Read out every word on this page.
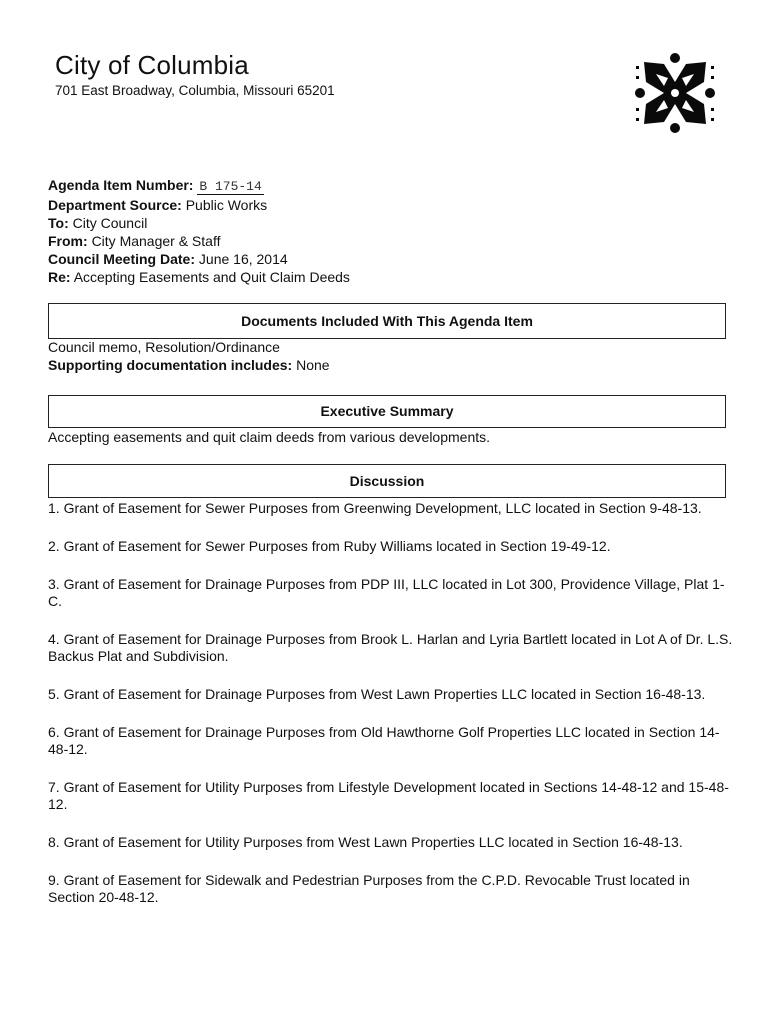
City of Columbia
701 East Broadway, Columbia, Missouri 65201
Agenda Item Number: B 175-14
Department Source: Public Works
To: City Council
From: City Manager & Staff
Council Meeting Date: June 16, 2014
Re: Accepting Easements and Quit Claim Deeds
Documents Included With This Agenda Item
Council memo, Resolution/Ordinance
Supporting documentation includes: None
Executive Summary
Accepting easements and quit claim deeds from various developments.
Discussion
1. Grant of Easement for Sewer Purposes from Greenwing Development, LLC located in Section 9-48-13.
2. Grant of Easement for Sewer Purposes from Ruby Williams located in Section 19-49-12.
3. Grant of Easement for Drainage Purposes from PDP III, LLC located in Lot 300, Providence Village, Plat 1-C.
4. Grant of Easement for Drainage Purposes from Brook L. Harlan and Lyria Bartlett located in Lot A of Dr. L.S. Backus Plat and Subdivision.
5. Grant of Easement for Drainage Purposes from West Lawn Properties LLC located in Section 16-48-13.
6. Grant of Easement for Drainage Purposes from Old Hawthorne Golf Properties LLC located in Section 14-48-12.
7. Grant of Easement for Utility Purposes from Lifestyle Development located in Sections 14-48-12 and 15-48-12.
8. Grant of Easement for Utility Purposes from West Lawn Properties LLC located in Section 16-48-13.
9. Grant of Easement for Sidewalk and Pedestrian Purposes from the C.P.D. Revocable Trust located in Section 20-48-12.
